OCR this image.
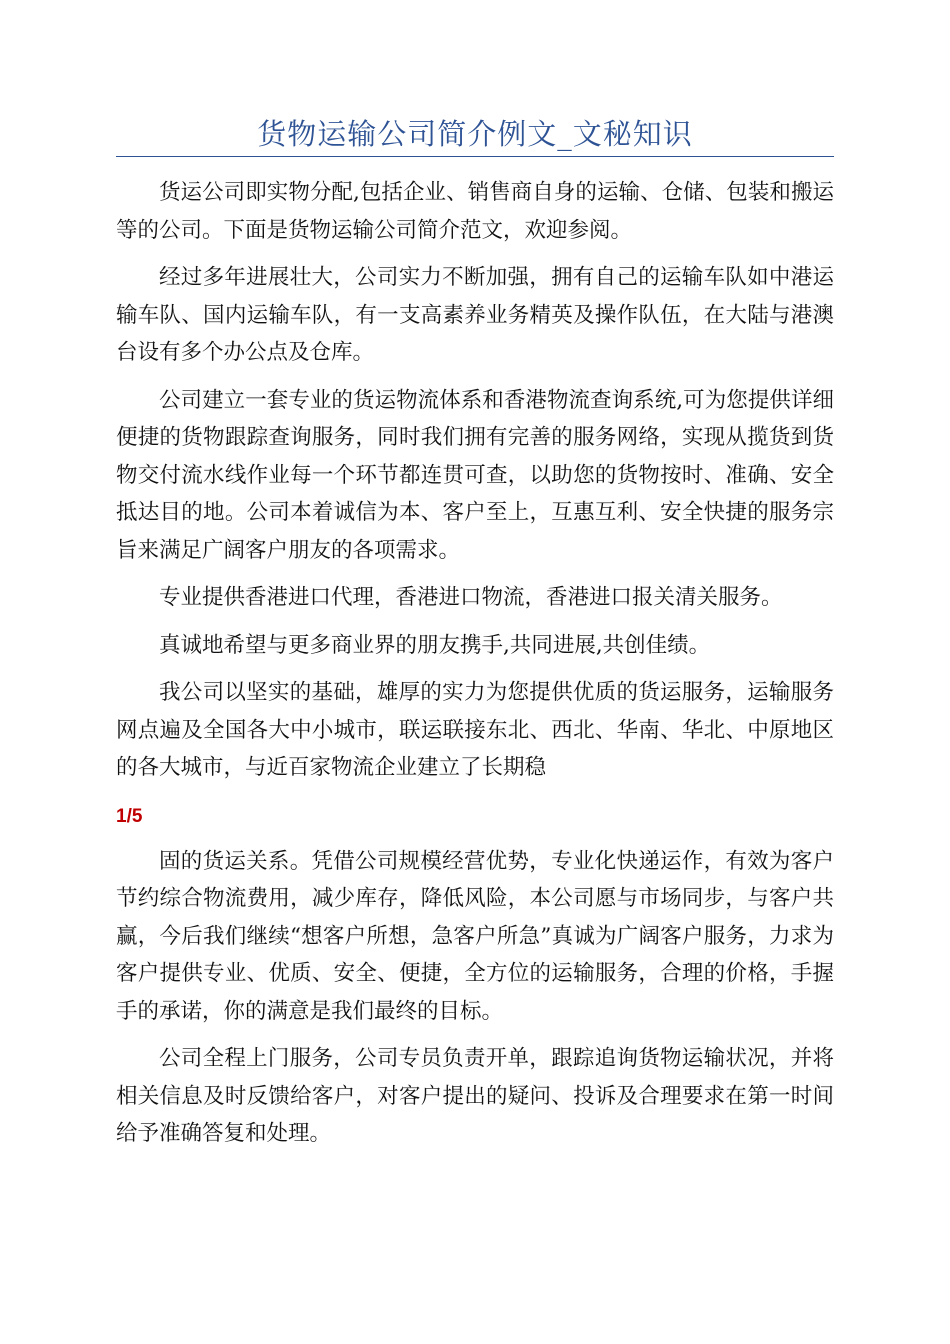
货物运输公司简介例文_文秘知识

货运公司即实物分配,包括企业、销售商自身的运输、仓储、包装和搬运等的公司。下面是货物运输公司简介范文，欢迎参阅。

经过多年进展壮大，公司实力不断加强，拥有自己的运输车队如中港运输车队、国内运输车队，有一支高素养业务精英及操作队伍，在大陆与港澳台设有多个办公点及仓库。

公司建立一套专业的货运物流体系和香港物流查询系统,可为您提供详细便捷的货物跟踪查询服务，同时我们拥有完善的服务网络，实现从揽货到货物交付流水线作业每一个环节都连贯可查，以助您的货物按时、准确、安全抵达目的地。公司本着诚信为本、客户至上，互惠互利、安全快捷的服务宗旨来满足广阔客户朋友的各项需求。

专业提供香港进口代理，香港进口物流，香港进口报关清关服务。

真诚地希望与更多商业界的朋友携手,共同进展,共创佳绩。

我公司以坚实的基础，雄厚的实力为您提供优质的货运服务，运输服务网点遍及全国各大中小城市，联运联接东北、西北、华南、华北、中原地区的各大城市，与近百家物流企业建立了长期稳

1/5

固的货运关系。凭借公司规模经营优势，专业化快递运作，有效为客户节约综合物流费用，减少库存，降低风险，本公司愿与市场同步，与客户共赢，今后我们继续“想客户所想，急客户所急”真诚为广阔客户服务，力求为客户提供专业、优质、安全、便捷，全方位的运输服务，合理的价格，手握手的承诺，你的满意是我们最终的目标。

公司全程上门服务，公司专员负责开单，跟踪追询货物运输状况，并将相关信息及时反馈给客户，对客户提出的疑问、投诉及合理要求在第一时间给予准确答复和处理。
